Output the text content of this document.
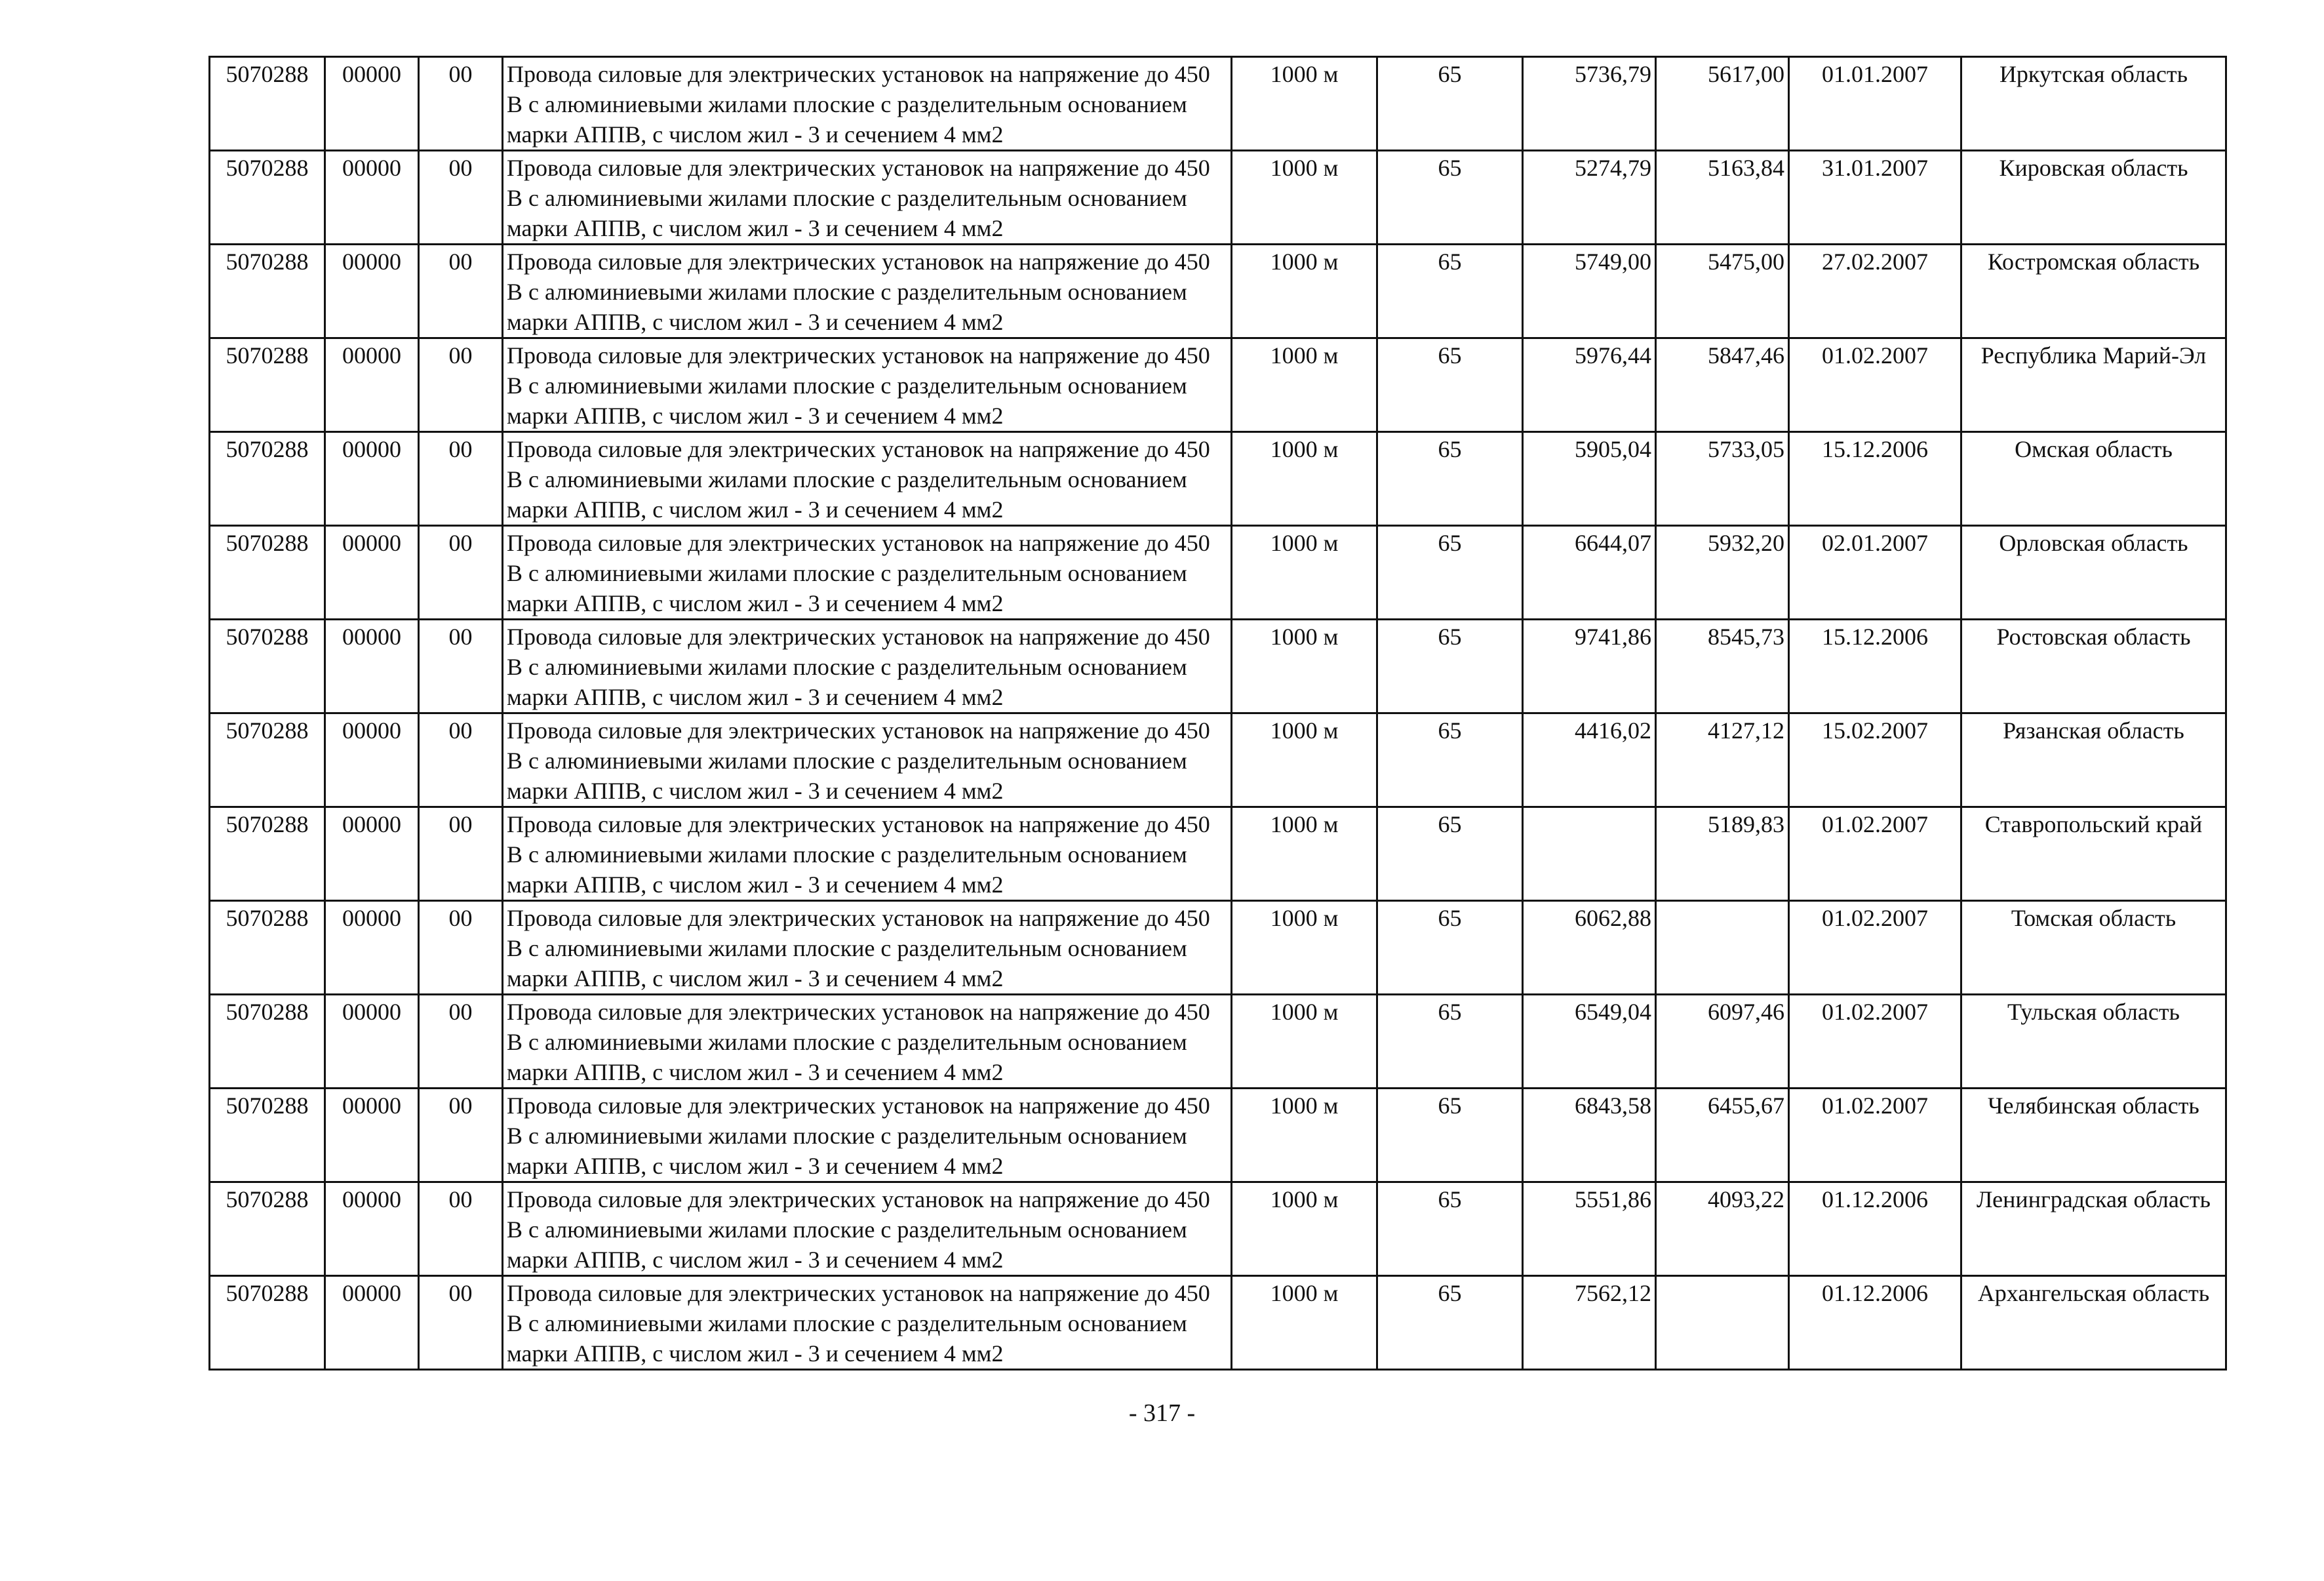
5070288	00000	00	Провода силовые для электрических установок на напряжение до 450 В с алюминиевыми жилами плоские с разделительным основанием марки АППВ, с числом жил - 3 и сечением 4 мм2	1000 м	65	5736,79	5617,00	01.01.2007	Иркутская область
5070288	00000	00	Провода силовые для электрических установок на напряжение до 450 В с алюминиевыми жилами плоские с разделительным основанием марки АППВ, с числом жил - 3 и сечением 4 мм2	1000 м	65	5274,79	5163,84	31.01.2007	Кировская область
5070288	00000	00	Провода силовые для электрических установок на напряжение до 450 В с алюминиевыми жилами плоские с разделительным основанием марки АППВ, с числом жил - 3 и сечением 4 мм2	1000 м	65	5749,00	5475,00	27.02.2007	Костромская область
5070288	00000	00	Провода силовые для электрических установок на напряжение до 450 В с алюминиевыми жилами плоские с разделительным основанием марки АППВ, с числом жил - 3 и сечением 4 мм2	1000 м	65	5976,44	5847,46	01.02.2007	Республика Марий-Эл
5070288	00000	00	Провода силовые для электрических установок на напряжение до 450 В с алюминиевыми жилами плоские с разделительным основанием марки АППВ, с числом жил - 3 и сечением 4 мм2	1000 м	65	5905,04	5733,05	15.12.2006	Омская область
5070288	00000	00	Провода силовые для электрических установок на напряжение до 450 В с алюминиевыми жилами плоские с разделительным основанием марки АППВ, с числом жил - 3 и сечением 4 мм2	1000 м	65	6644,07	5932,20	02.01.2007	Орловская область
5070288	00000	00	Провода силовые для электрических установок на напряжение до 450 В с алюминиевыми жилами плоские с разделительным основанием марки АППВ, с числом жил - 3 и сечением 4 мм2	1000 м	65	9741,86	8545,73	15.12.2006	Ростовская область
5070288	00000	00	Провода силовые для электрических установок на напряжение до 450 В с алюминиевыми жилами плоские с разделительным основанием марки АППВ, с числом жил - 3 и сечением 4 мм2	1000 м	65	4416,02	4127,12	15.02.2007	Рязанская область
5070288	00000	00	Провода силовые для электрических установок на напряжение до 450 В с алюминиевыми жилами плоские с разделительным основанием марки АППВ, с числом жил - 3 и сечением 4 мм2	1000 м	65		5189,83	01.02.2007	Ставропольский край
5070288	00000	00	Провода силовые для электрических установок на напряжение до 450 В с алюминиевыми жилами плоские с разделительным основанием марки АППВ, с числом жил - 3 и сечением 4 мм2	1000 м	65	6062,88		01.02.2007	Томская область
5070288	00000	00	Провода силовые для электрических установок на напряжение до 450 В с алюминиевыми жилами плоские с разделительным основанием марки АППВ, с числом жил - 3 и сечением 4 мм2	1000 м	65	6549,04	6097,46	01.02.2007	Тульская область
5070288	00000	00	Провода силовые для электрических установок на напряжение до 450 В с алюминиевыми жилами плоские с разделительным основанием марки АППВ, с числом жил - 3 и сечением 4 мм2	1000 м	65	6843,58	6455,67	01.02.2007	Челябинская область
5070288	00000	00	Провода силовые для электрических установок на напряжение до 450 В с алюминиевыми жилами плоские с разделительным основанием марки АППВ, с числом жил - 3 и сечением 4 мм2	1000 м	65	5551,86	4093,22	01.12.2006	Ленинградская область
5070288	00000	00	Провода силовые для электрических установок на напряжение до 450 В с алюминиевыми жилами плоские с разделительным основанием марки АППВ, с числом жил - 3 и сечением 4 мм2	1000 м	65	7562,12		01.12.2006	Архангельская область
- 317 -
